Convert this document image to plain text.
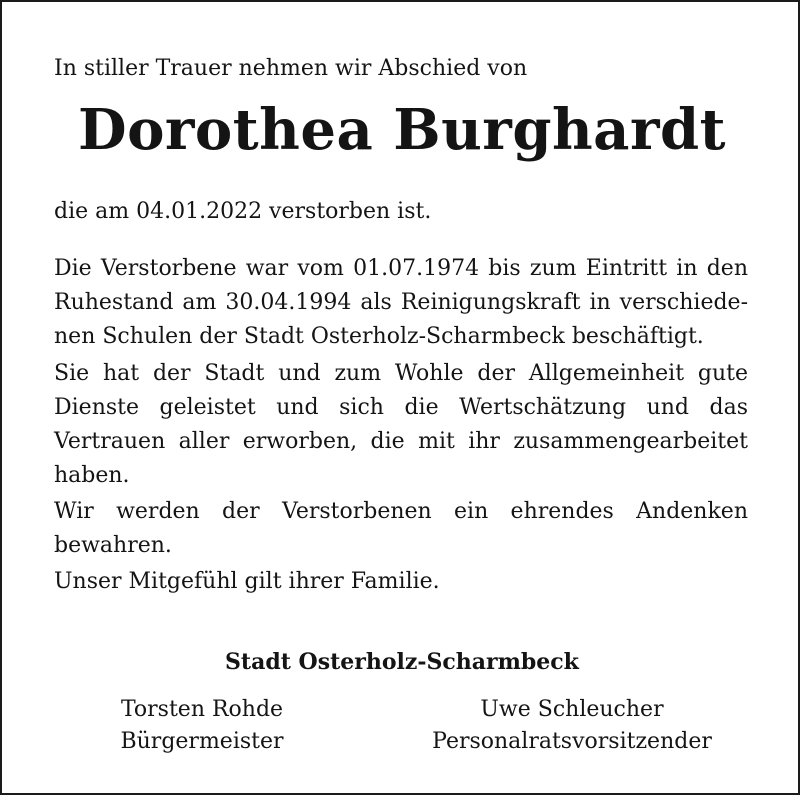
In stiller Trauer nehmen wir Abschied von
Dorothea Burghardt
die am 04.01.2022 verstorben ist.
Die Verstorbene war vom 01.07.1974 bis zum Eintritt in den
Ruhestand am 30.04.1994 als Reinigungskraft in verschiede-
nen Schulen der Stadt Osterholz-Scharmbeck beschäftigt.
Sie hat der Stadt und zum Wohle der Allgemeinheit gute
Dienste geleistet und sich die Wertschätzung und das
Vertrauen aller erworben, die mit ihr zusammengearbeitet
haben.
Wir werden der Verstorbenen ein ehrendes Andenken
bewahren.
Unser Mitgefühl gilt ihrer Familie.
Stadt Osterholz-Scharmbeck
Torsten Rohde
Bürgermeister
Uwe Schleucher
Personalratsvorsitzender
